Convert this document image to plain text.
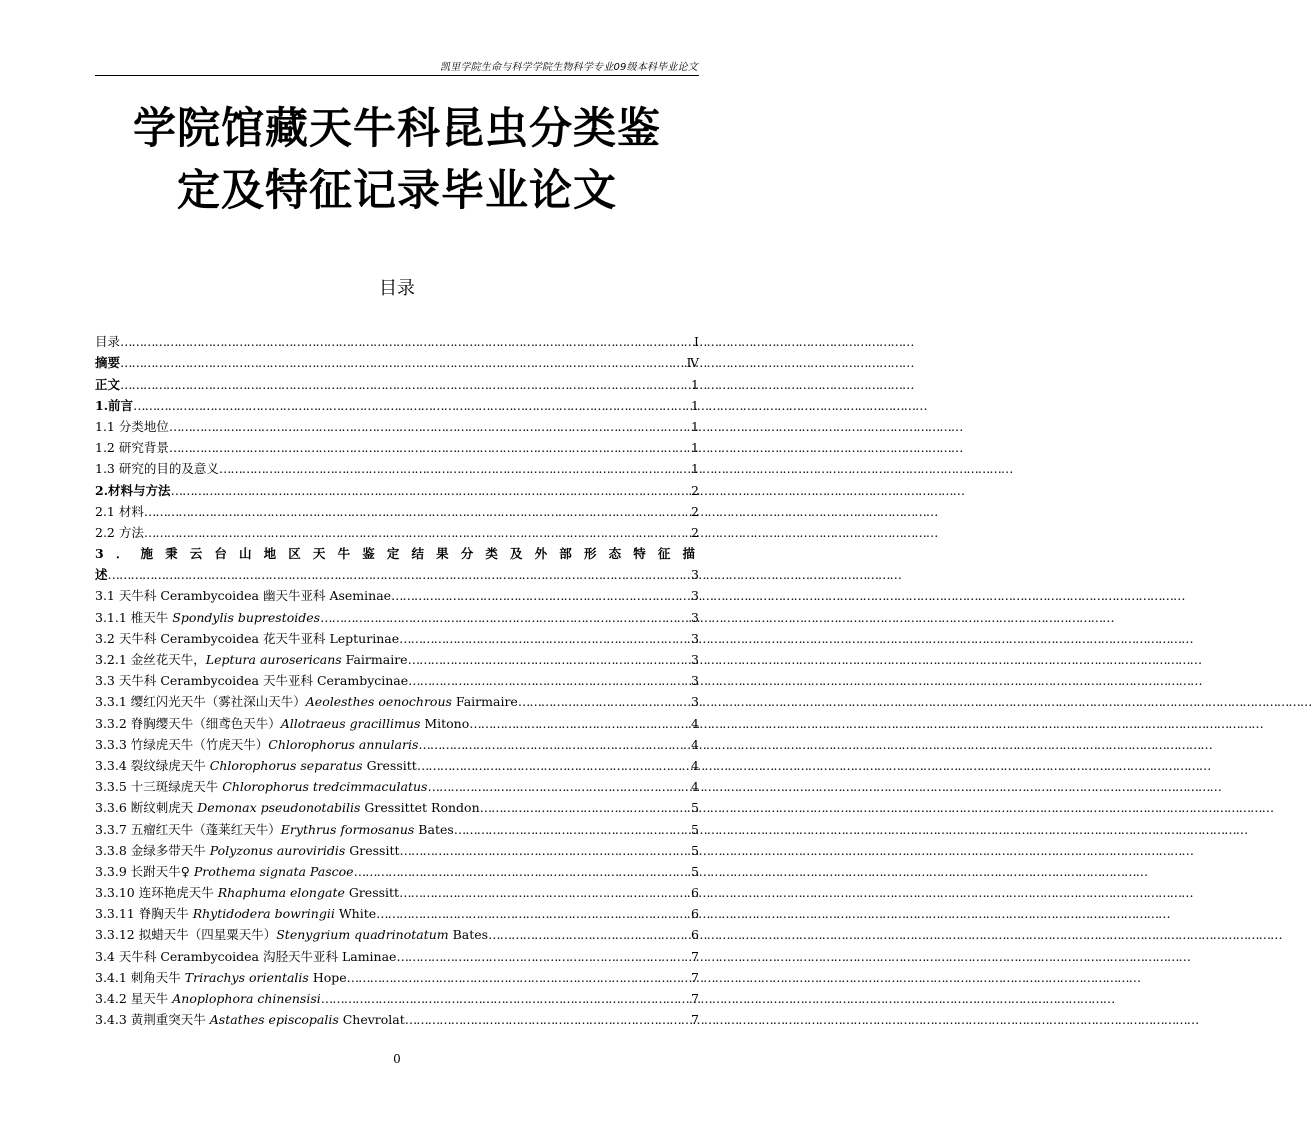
凯里学院生命与科学学院生物科学专业09级本科毕业论文
学院馆藏天牛科昆虫分类鉴
定及特征记录毕业论文
目录
目录 ………………………………………………………………………………………………………………………………………………………………………………………	I
摘要 ………………………………………………………………………………………………………………………………………………………………………………………	Ⅳ
正文 ………………………………………………………………………………………………………………………………………………………………………………………	1
1.前言 ………………………………………………………………………………………………………………………………………………………………………………………	1
1.1 分类地位 ………………………………………………………………………………………………………………………………………………………………………………………	1
1.2 研究背景 ………………………………………………………………………………………………………………………………………………………………………………………	1
1.3 研究的目的及意义 ………………………………………………………………………………………………………………………………………………………………………………………	1
2.材料与方法 ………………………………………………………………………………………………………………………………………………………………………………………	2
2.1 材料 ………………………………………………………………………………………………………………………………………………………………………………………	2
2.2 方法 ………………………………………………………………………………………………………………………………………………………………………………………	2
3．施秉云台山地区天牛鉴定结果分类及外部形态特征描
述 ………………………………………………………………………………………………………………………………………………………………………………………	3
3.1 天牛科 Cerambycoidea 幽天牛亚科 Aseminae ………………………………………………………………………………………………………………………………………………………………………………………	3
3.1.1 椎天牛 Spondylis buprestoides ………………………………………………………………………………………………………………………………………………………………………………………	3
3.2 天牛科 Cerambycoidea 花天牛亚科 Lepturinae ………………………………………………………………………………………………………………………………………………………………………………………	3
3.2.1 金丝花天牛，Leptura aurosericans Fairmaire ………………………………………………………………………………………………………………………………………………………………………………………	3
3.3 天牛科 Cerambycoidea 天牛亚科 Cerambycinae ………………………………………………………………………………………………………………………………………………………………………………………	3
3.3.1 缨红闪光天牛（雾社深山天牛）Aeolesthes oenochrous Fairmaire ………………………………………………………………………………………………………………………………………………………………………………………	3
3.3.2 脊胸缨天牛（细鸢色天牛）Allotraeus gracillimus Mitono ………………………………………………………………………………………………………………………………………………………………………………………	4
3.3.3 竹绿虎天牛（竹虎天牛）Chlorophorus annularis ………………………………………………………………………………………………………………………………………………………………………………………	4
3.3.4 裂纹绿虎天牛 Chlorophorus separatus Gressitt ………………………………………………………………………………………………………………………………………………………………………………………	4
3.3.5 十三斑绿虎天牛 Chlorophorus tredcimmaculatus ………………………………………………………………………………………………………………………………………………………………………………………	4
3.3.6 断纹刺虎天 Demonax pseudonotabilis Gressittet Rondon ………………………………………………………………………………………………………………………………………………………………………………………	5
3.3.7 五瘤红天牛（蓬莱红天牛）Erythrus formosanus Bates ………………………………………………………………………………………………………………………………………………………………………………………	5
3.3.8 金绿多带天牛 Polyzonus auroviridis Gressitt ………………………………………………………………………………………………………………………………………………………………………………………	5
3.3.9 长跗天牛♀ Prothema signata Pascoe ………………………………………………………………………………………………………………………………………………………………………………………	5
3.3.10 连环艳虎天牛 Rhaphuma elongate Gressitt ………………………………………………………………………………………………………………………………………………………………………………………	6
3.3.11 脊胸天牛 Rhytidodera bowringii White ………………………………………………………………………………………………………………………………………………………………………………………	6
3.3.12 拟蜡天牛（四星粟天牛）Stenygrium quadrinotatum Bates ………………………………………………………………………………………………………………………………………………………………………………………	6
3.4 天牛科 Cerambycoidea 沟胫天牛亚科 Laminae ………………………………………………………………………………………………………………………………………………………………………………………	7
3.4.1 刺角天牛 Trirachys orientalis Hope ………………………………………………………………………………………………………………………………………………………………………………………	7
3.4.2 星天牛 Anoplophora chinensisi ………………………………………………………………………………………………………………………………………………………………………………………	7
3.4.3 黄荆重突天牛 Astathes episcopalis Chevrolat ………………………………………………………………………………………………………………………………………………………………………………………	7
0
